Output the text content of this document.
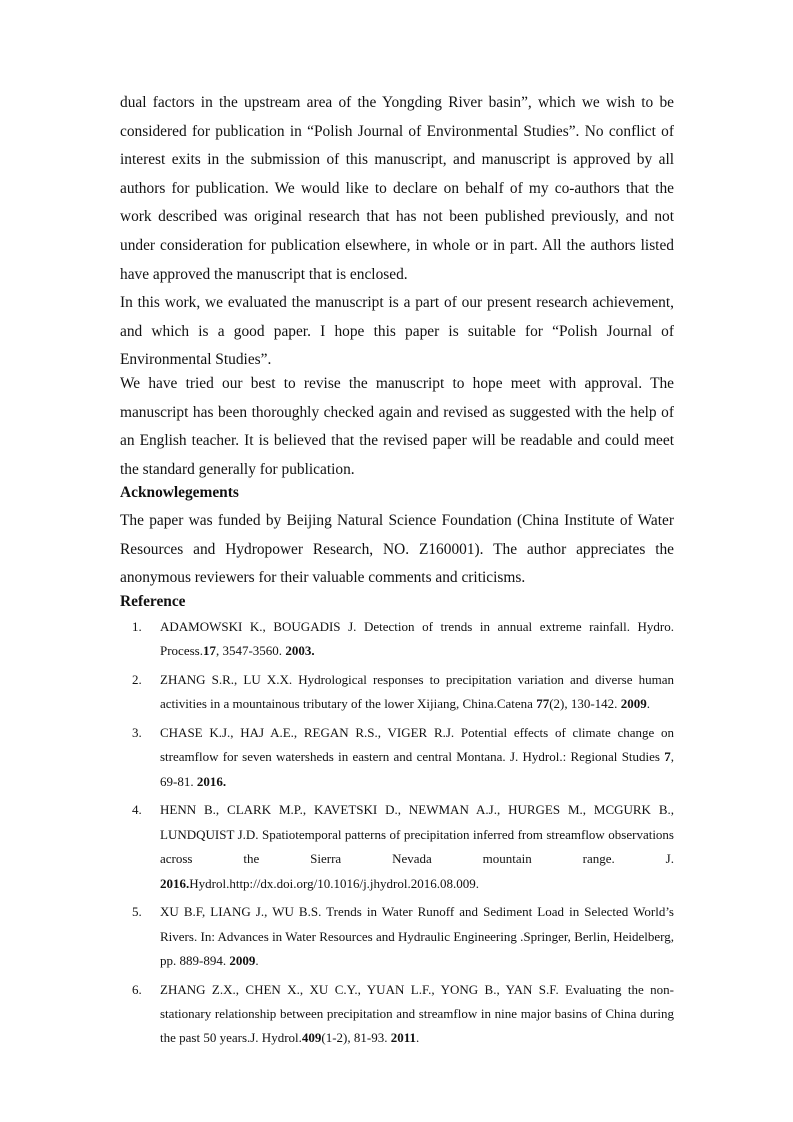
dual factors in the upstream area of the Yongding River basin”, which we wish to be considered for publication in “Polish Journal of Environmental Studies”. No conflict of interest exits in the submission of this manuscript, and manuscript is approved by all authors for publication. We would like to declare on behalf of my co-authors that the work described was original research that has not been published previously, and not under consideration for publication elsewhere, in whole or in part. All the authors listed have approved the manuscript that is enclosed.

In this work, we evaluated the manuscript is a part of our present research achievement, and which is a good paper. I hope this paper is suitable for “Polish Journal of Environmental Studies”.

We have tried our best to revise the manuscript to hope meet with approval. The manuscript has been thoroughly checked again and revised as suggested with the help of an English teacher. It is believed that the revised paper will be readable and could meet the standard generally for publication.

Acknowlegements

The paper was funded by Beijing Natural Science Foundation (China Institute of Water Resources and Hydropower Research, NO. Z160001). The author appreciates the anonymous reviewers for their valuable comments and criticisms.

Reference
1. ADAMOWSKI K., BOUGADIS J. Detection of trends in annual extreme rainfall. Hydro. Process.17, 3547-3560. 2003.
2. ZHANG S.R., LU X.X. Hydrological responses to precipitation variation and diverse human activities in a mountainous tributary of the lower Xijiang, China.Catena 77(2), 130-142. 2009.
3. CHASE K.J., HAJ A.E., REGAN R.S., VIGER R.J. Potential effects of climate change on streamflow for seven watersheds in eastern and central Montana. J. Hydrol.: Regional Studies 7, 69-81. 2016.
4. HENN B., CLARK M.P., KAVETSKI D., NEWMAN A.J., HURGES M., MCGURK B., LUNDQUIST J.D. Spatiotemporal patterns of precipitation inferred from streamflow observations across the Sierra Nevada mountain range. J. 2016.Hydrol.http://dx.doi.org/10.1016/j.jhydrol.2016.08.009.
5. XU B.F, LIANG J., WU B.S. Trends in Water Runoff and Sediment Load in Selected World’s Rivers. In: Advances in Water Resources and Hydraulic Engineering .Springer, Berlin, Heidelberg, pp. 889-894. 2009.
6. ZHANG Z.X., CHEN X., XU C.Y., YUAN L.F., YONG B., YAN S.F. Evaluating the non-stationary relationship between precipitation and streamflow in nine major basins of China during the past 50 years.J. Hydrol.409(1-2), 81-93. 2011.
